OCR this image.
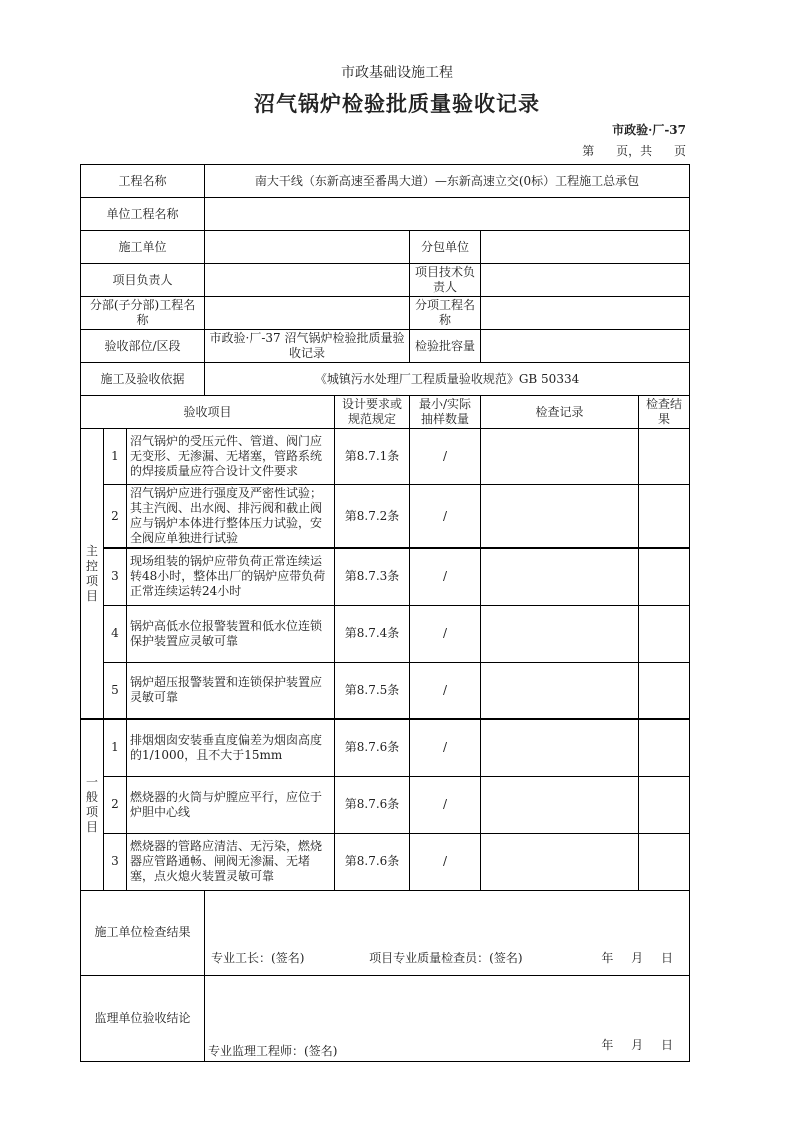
市政基础设施工程
沼气锅炉检验批质量验收记录
市政验·厂-37
第 页，共 页
工程名称			南大干线（东新高速至番禺大道）—东新高速立交(0标）工程施工总承包				
单位工程名称							
施工单位					分包单位		
项目负责人					项目技术负责人		
分部(子分部)工程名称					分项工程名称		
验收部位/区段			市政验·厂-37 沼气锅炉检验批质量验收记录		检验批容量		
施工及验收依据			《城镇污水处理厂工程质量验收规范》GB 50334				
验收项目				设计要求或规范规定	最小/实际抽样数量	检查记录	检查结果
主控项目	1	沼气锅炉的受压元件、管道、阀门应无变形、无渗漏、无堵塞，管路系统的焊接质量应符合设计文件要求		第8.7.1条	/		
	2	沼气锅炉应进行强度及严密性试验；其主汽阀、出水阀、排污阀和截止阀应与锅炉本体进行整体压力试验，安全阀应单独进行试验		第8.7.2条	/		
	3	现场组装的锅炉应带负荷正常连续运转48小时，整体出厂的锅炉应带负荷正常连续运转24小时		第8.7.3条	/		
	4	锅炉高低水位报警装置和低水位连锁保护装置应灵敏可靠		第8.7.4条	/		
	5	锅炉超压报警装置和连锁保护装置应灵敏可靠		第8.7.5条	/		
一般项目	1	排烟烟囱安装垂直度偏差为烟囱高度的1/1000，且不大于15mm		第8.7.6条	/		
	2	燃烧器的火筒与炉膛应平行，应位于炉胆中心线		第8.7.6条	/		
	3	燃烧器的管路应清洁、无污染，燃烧器应管路通畅、闸阀无渗漏、无堵塞，点火熄火装置灵敏可靠		第8.7.6条	/		
施工单位检查结果			专业工长：(签名) 项目专业质量检查员：(签名) 年 月 日				

监理单位验收结论			专业监理工程师：(签名) 年 月 日				
